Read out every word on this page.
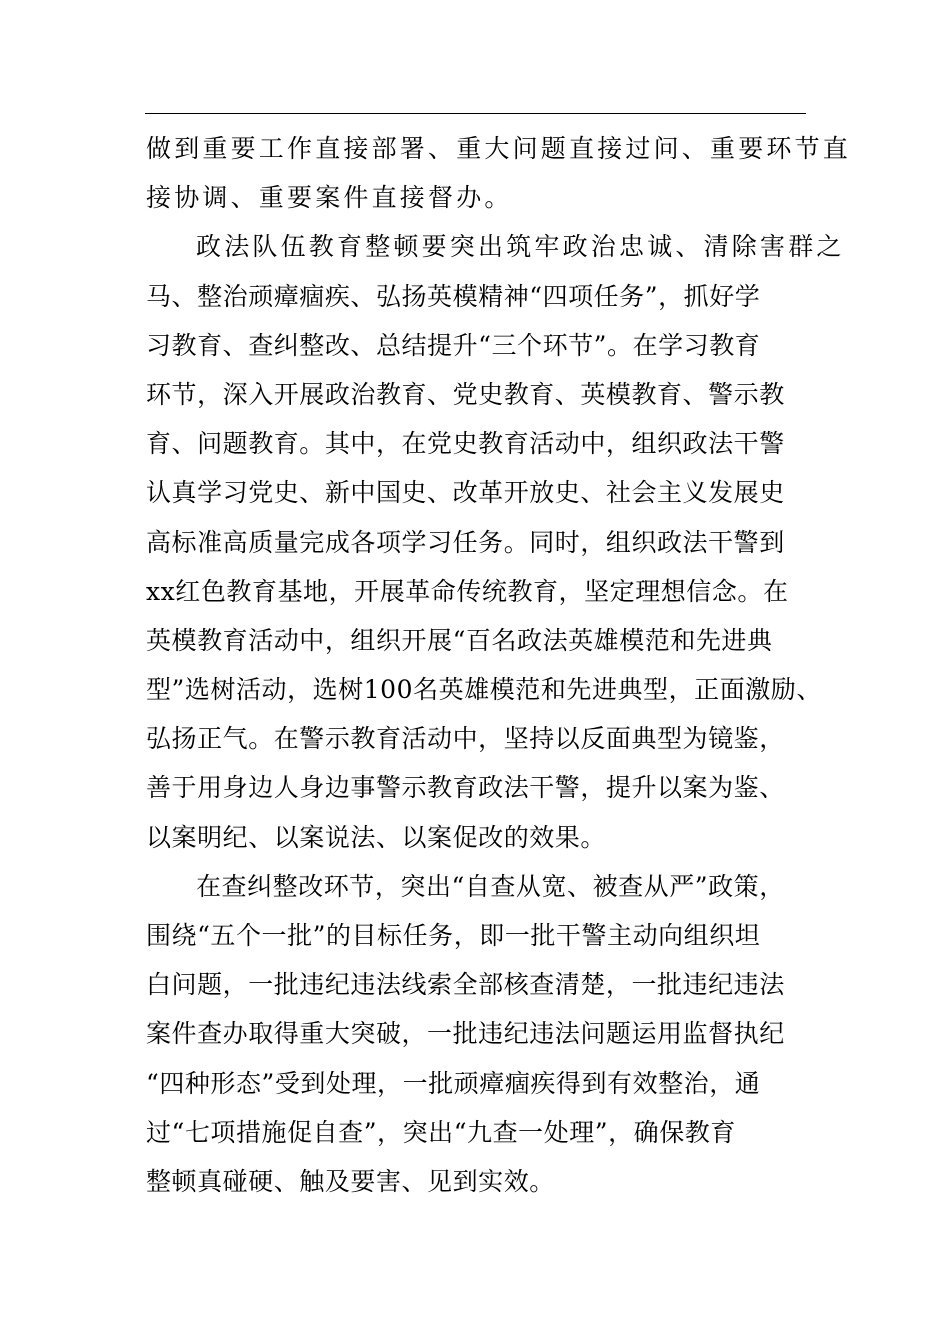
做到重要工作直接部署、重大问题直接过问、重要环节直
接协调、重要案件直接督办。
政法队伍教育整顿要突出筑牢政治忠诚、清除害群之
马、整治顽瘴痼疾、弘扬英模精神“四项任务”，抓好学
习教育、查纠整改、总结提升“三个环节”。在学习教育
环节，深入开展政治教育、党史教育、英模教育、警示教
育、问题教育。其中，在党史教育活动中，组织政法干警
认真学习党史、新中国史、改革开放史、社会主义发展史
高标准高质量完成各项学习任务。同时，组织政法干警到
xx红色教育基地，开展革命传统教育，坚定理想信念。在
英模教育活动中，组织开展“百名政法英雄模范和先进典
型”选树活动，选树100名英雄模范和先进典型，正面激励、
弘扬正气。在警示教育活动中，坚持以反面典型为镜鉴，
善于用身边人身边事警示教育政法干警，提升以案为鉴、
以案明纪、以案说法、以案促改的效果。
在查纠整改环节，突出“自查从宽、被查从严”政策，
围绕“五个一批”的目标任务，即一批干警主动向组织坦
白问题，一批违纪违法线索全部核查清楚，一批违纪违法
案件查办取得重大突破，一批违纪违法问题运用监督执纪
“四种形态”受到处理，一批顽瘴痼疾得到有效整治，通
过“七项措施促自查”，突出“九查一处理”，确保教育
整顿真碰硬、触及要害、见到实效。
